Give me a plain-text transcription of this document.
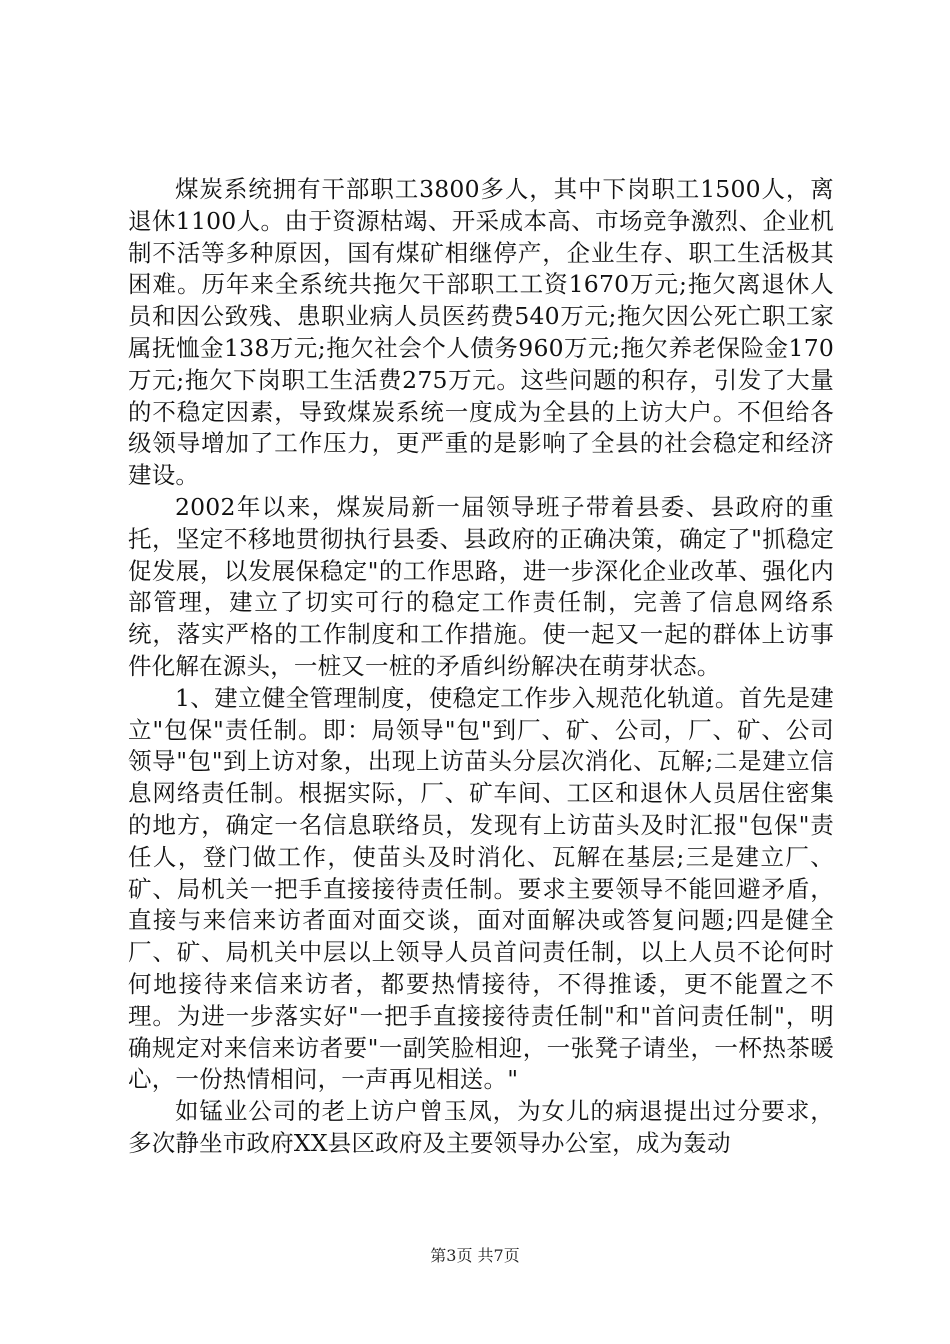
煤炭系统拥有干部职工3800多人，其中下岗职工1500人，离退休1100人。由于资源枯竭、开采成本高、市场竞争激烈、企业机制不活等多种原因，国有煤矿相继停产，企业生存、职工生活极其困难。历年来全系统共拖欠干部职工工资1670万元;拖欠离退休人员和因公致残、患职业病人员医药费540万元;拖欠因公死亡职工家属抚恤金138万元;拖欠社会个人债务960万元;拖欠养老保险金170万元;拖欠下岗职工生活费275万元。这些问题的积存，引发了大量的不稳定因素，导致煤炭系统一度成为全县的上访大户。不但给各级领导增加了工作压力，更严重的是影响了全县的社会稳定和经济建设。

2002年以来，煤炭局新一届领导班子带着县委、县政府的重托，坚定不移地贯彻执行县委、县政府的正确决策，确定了"抓稳定促发展，以发展保稳定"的工作思路，进一步深化企业改革、强化内部管理，建立了切实可行的稳定工作责任制，完善了信息网络系统，落实严格的工作制度和工作措施。使一起又一起的群体上访事件化解在源头，一桩又一桩的矛盾纠纷解决在萌芽状态。

1、建立健全管理制度，使稳定工作步入规范化轨道。首先是建立"包保"责任制。即：局领导"包"到厂、矿、公司，厂、矿、公司领导"包"到上访对象，出现上访苗头分层次消化、瓦解;二是建立信息网络责任制。根据实际，厂、矿车间、工区和退休人员居住密集的地方，确定一名信息联络员，发现有上访苗头及时汇报"包保"责任人，登门做工作，使苗头及时消化、瓦解在基层;三是建立厂、矿、局机关一把手直接接待责任制。要求主要领导不能回避矛盾，直接与来信来访者面对面交谈，面对面解决或答复问题;四是健全厂、矿、局机关中层以上领导人员首问责任制，以上人员不论何时何地接待来信来访者，都要热情接待，不得推诿，更不能置之不理。为进一步落实好"一把手直接接待责任制"和"首问责任制"，明确规定对来信来访者要"一副笑脸相迎，一张凳子请坐，一杯热茶暖心，一份热情相问，一声再见相送。"

如锰业公司的老上访户曾玉凤，为女儿的病退提出过分要求，多次静坐市政府XX县区政府及主要领导办公室，成为轰动

第3页 共7页
